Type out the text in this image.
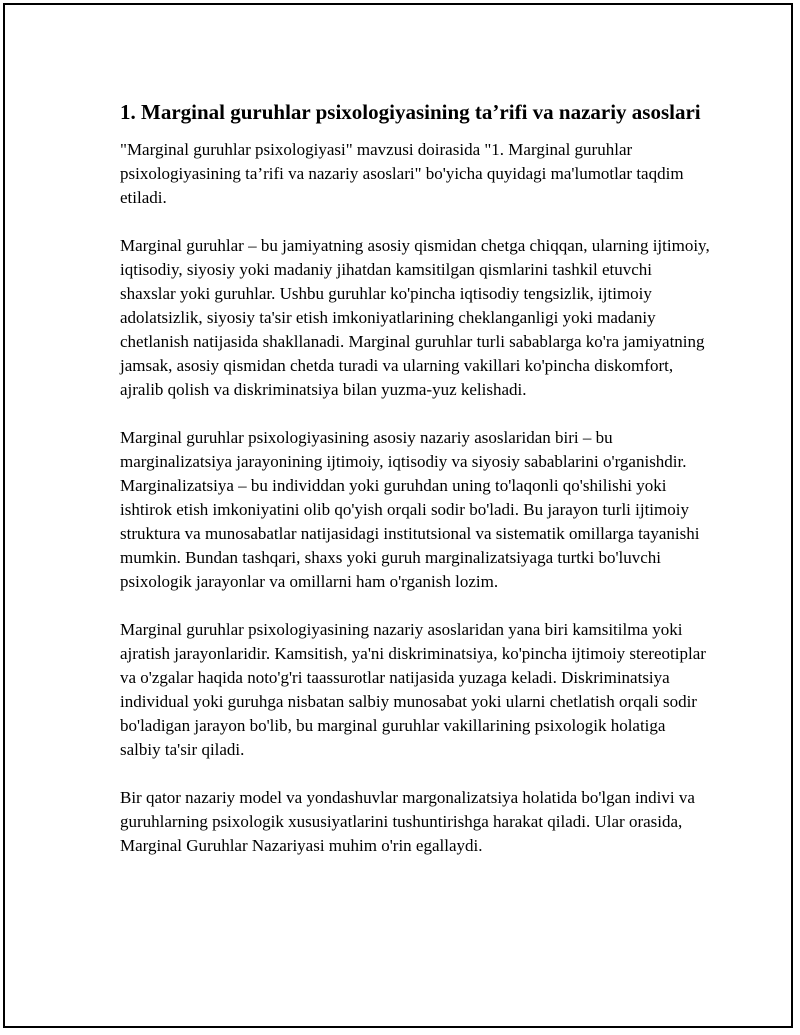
1. Marginal guruhlar psixologiyasining ta’rifi va nazariy asoslari

"Marginal guruhlar psixologiyasi" mavzusi doirasida "1. Marginal guruhlar psixologiyasining ta’rifi va nazariy asoslari" bo'yicha quyidagi ma'lumotlar taqdim etiladi.

Marginal guruhlar – bu jamiyatning asosiy qismidan chetga chiqqan, ularning ijtimoiy, iqtisodiy, siyosiy yoki madaniy jihatdan kamsitilgan qismlarini tashkil etuvchi shaxslar yoki guruhlar. Ushbu guruhlar ko'pincha iqtisodiy tengsizlik, ijtimoiy adolatsizlik, siyosiy ta'sir etish imkoniyatlarining cheklanganligi yoki madaniy chetlanish natijasida shakllanadi. Marginal guruhlar turli sabablarga ko'ra jamiyatning jamsak, asosiy qismidan chetda turadi va ularning vakillari ko'pincha diskomfort, ajralib qolish va diskriminatsiya bilan yuzma-yuz kelishadi.

Marginal guruhlar psixologiyasining asosiy nazariy asoslaridan biri – bu marginalizatsiya jarayonining ijtimoiy, iqtisodiy va siyosiy sabablarini o'rganishdir. Marginalizatsiya – bu individdan yoki guruhdan uning to'laqonli qo'shilishi yoki ishtirok etish imkoniyatini olib qo'yish orqali sodir bo'ladi. Bu jarayon turli ijtimoiy struktura va munosabatlar natijasidagi institutsional va sistematik omillarga tayanishi mumkin. Bundan tashqari, shaxs yoki guruh marginalizatsiyaga turtki bo'luvchi psixologik jarayonlar va omillarni ham o'rganish lozim.

Marginal guruhlar psixologiyasining nazariy asoslaridan yana biri kamsitilma yoki ajratish jarayonlaridir. Kamsitish, ya'ni diskriminatsiya, ko'pincha ijtimoiy stereotiplar va o'zgalar haqida noto'g'ri taassurotlar natijasida yuzaga keladi. Diskriminatsiya individual yoki guruhga nisbatan salbiy munosabat yoki ularni chetlatish orqali sodir bo'ladigan jarayon bo'lib, bu marginal guruhlar vakillarining psixologik holatiga salbiy ta'sir qiladi.

Bir qator nazariy model va yondashuvlar margonalizatsiya holatida bo'lgan indivi va guruhlarning psixologik xususiyatlarini tushuntirishga harakat qiladi. Ular orasida, Marginal Guruhlar Nazariyasi muhim o'rin egallaydi.
